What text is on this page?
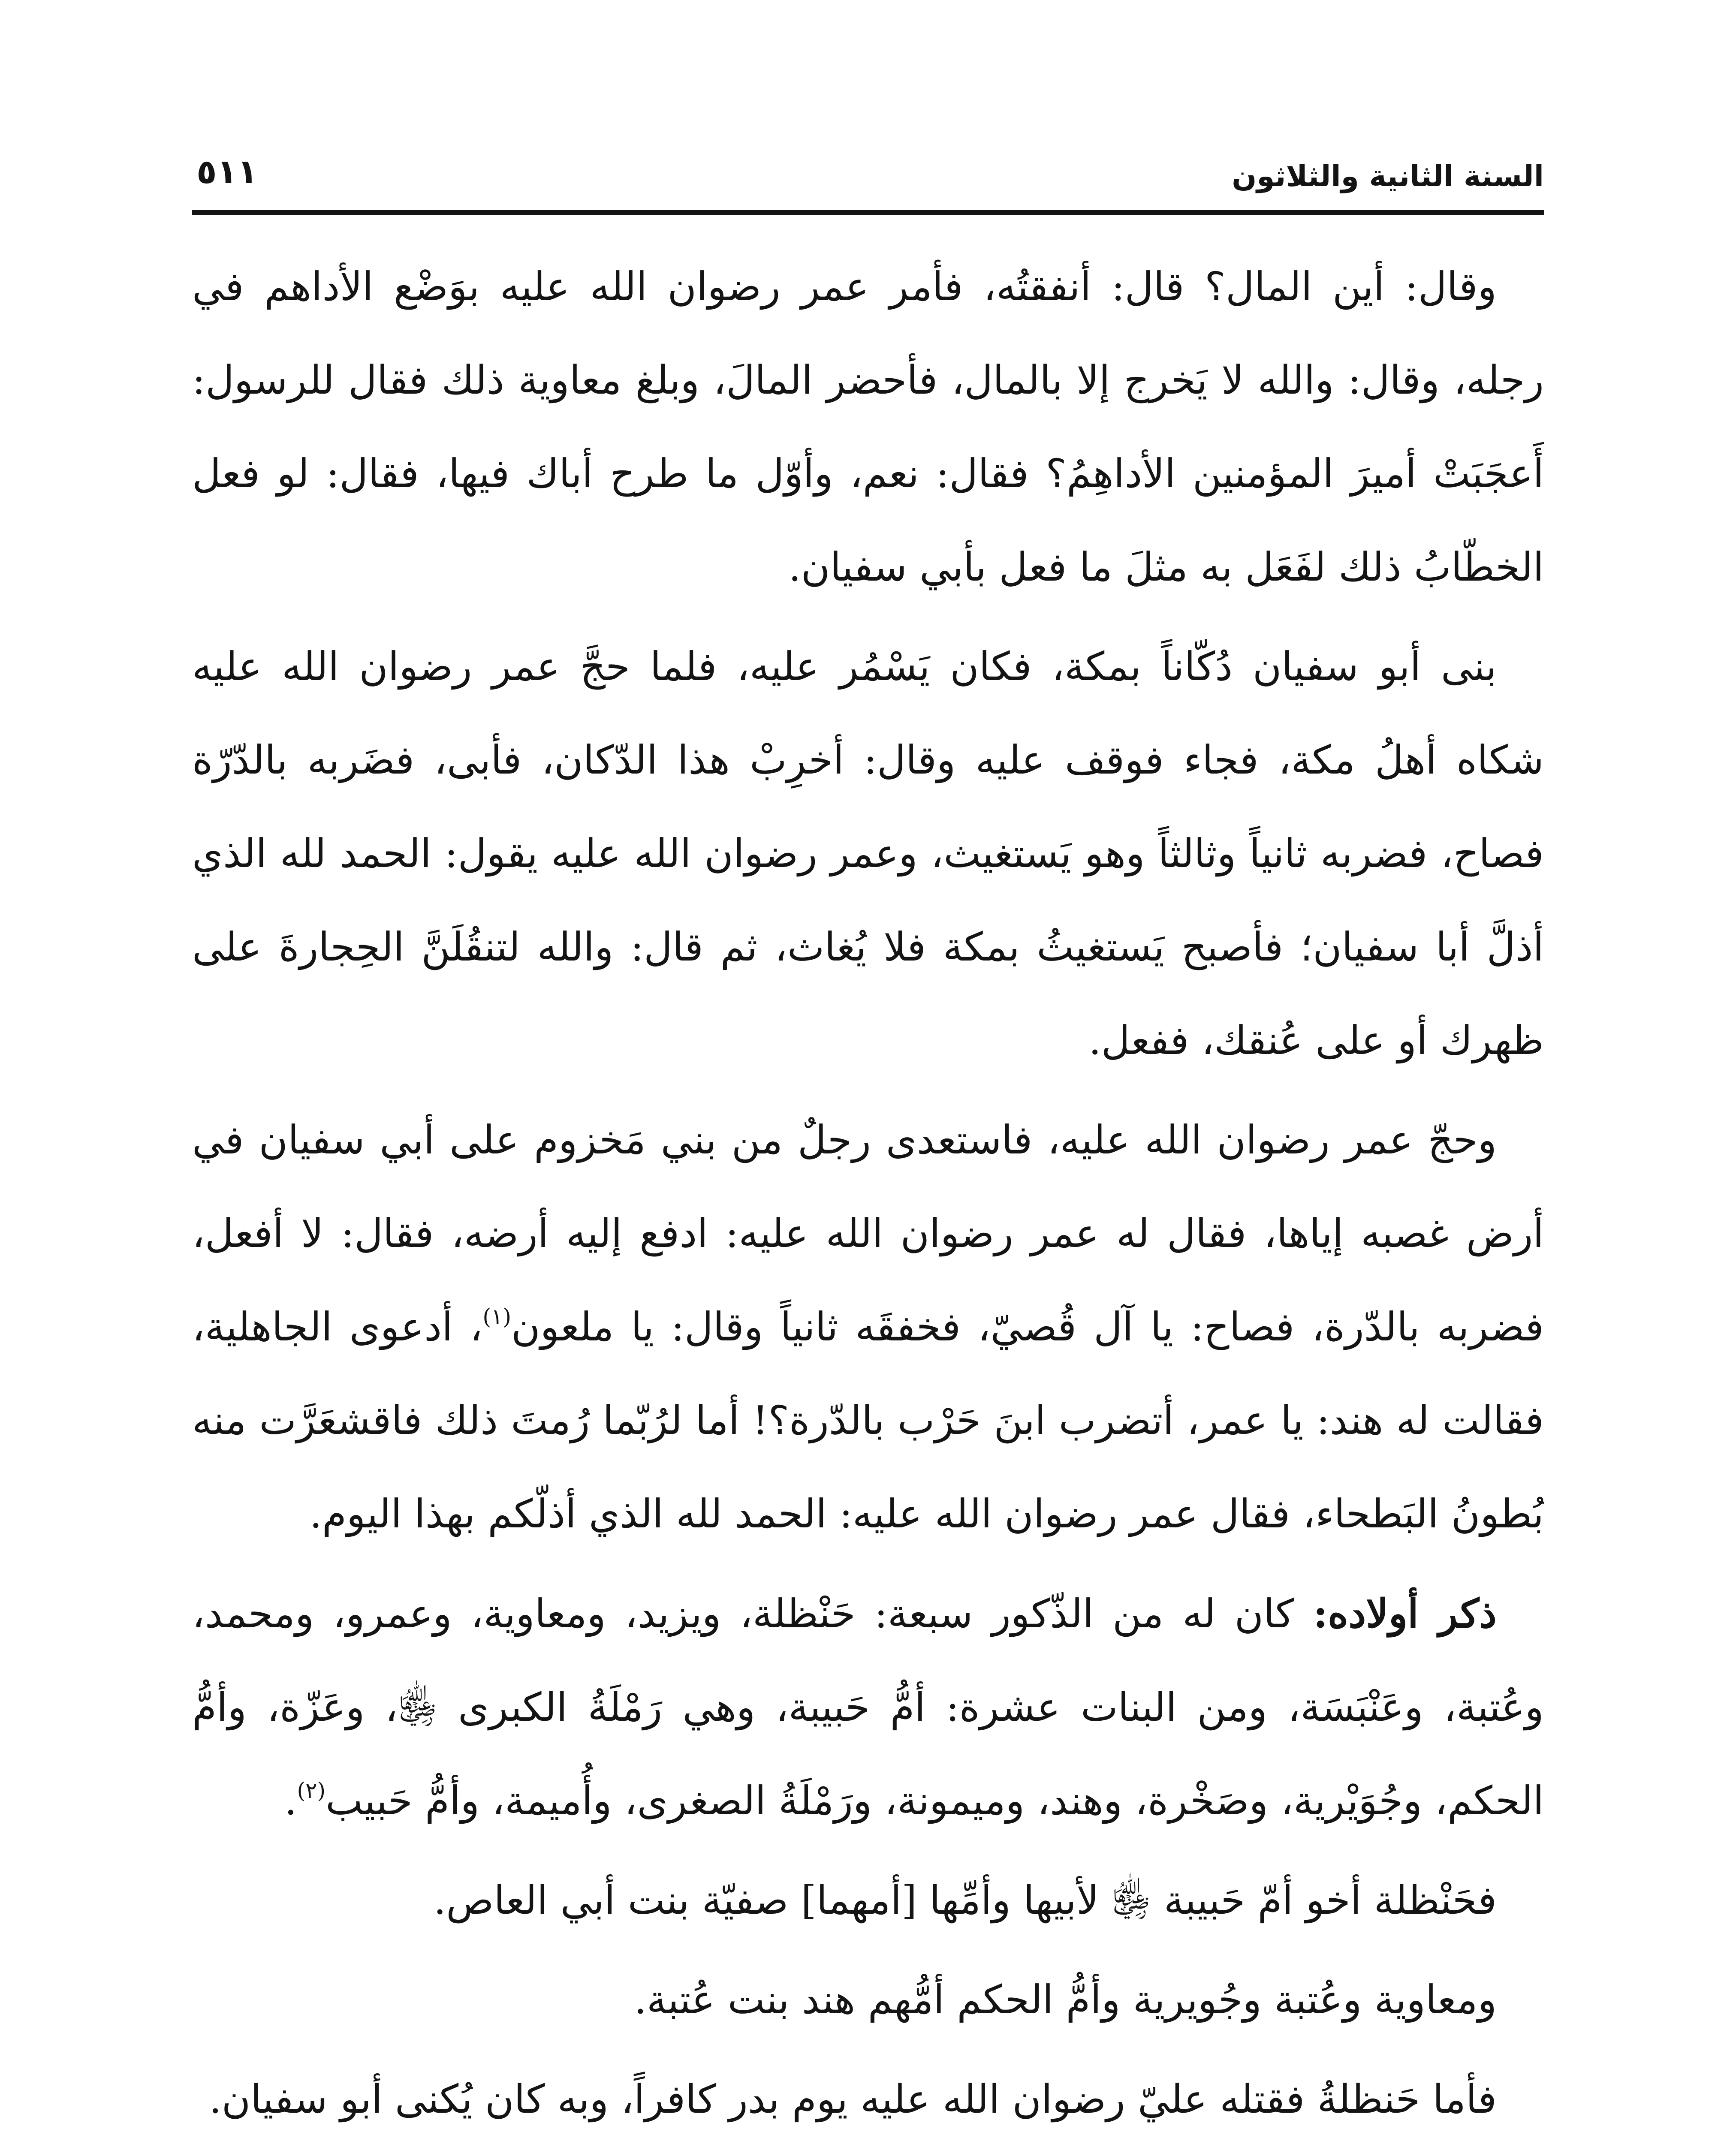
السنة الثانية والثلاثون
٥١١

وقال: أين المال؟ قال: أنفقتُه، فأمر عمر رضوان الله عليه بوَضْع الأداهم في رجله، وقال: والله لا يَخرج إلا بالمال، فأحضر المالَ، وبلغ معاوية ذلك فقال للرسول: أَعجَبَتْ أميرَ المؤمنين الأداهِمُ؟ فقال: نعم، وأوّل ما طرح أباك فيها، فقال: لو فعل الخطّابُ ذلك لفَعَل به مثلَ ما فعل بأبي سفيان.

بنى أبو سفيان دُكّاناً بمكة، فكان يَسْمُر عليه، فلما حجَّ عمر رضوان الله عليه شكاه أهلُ مكة، فجاء فوقف عليه وقال: أخرِبْ هذا الدّكان، فأبى، فضَربه بالدّرّة فصاح، فضربه ثانياً وثالثاً وهو يَستغيث، وعمر رضوان الله عليه يقول: الحمد لله الذي أذلَّ أبا سفيان؛ فأصبح يَستغيثُ بمكة فلا يُغاث، ثم قال: والله لتنقُلَنَّ الحِجارةَ على ظهرك أو على عُنقك، ففعل.

وحجّ عمر رضوان الله عليه، فاستعدى رجلٌ من بني مَخزوم على أبي سفيان في أرض غصبه إياها، فقال له عمر رضوان الله عليه: ادفع إليه أرضه، فقال: لا أفعل، فضربه بالدّرة، فصاح: يا آل قُصيّ، فخفقَه ثانياً وقال: يا ملعون$^{(١)}$، أدعوى الجاهلية، فقالت له هند: يا عمر، أتضرب ابنَ حَرْب بالدّرة؟! أما لرُبّما رُمتَ ذلك فاقشعَرَّت منه بُطونُ البَطحاء، فقال عمر رضوان الله عليه: الحمد لله الذي أذلّكم بهذا اليوم.

ذكر أولاده: كان له من الذّكور سبعة: حَنْظلة، ويزيد، ومعاوية، وعمرو، ومحمد، وعُتبة، وعَنْبَسَة، ومن البنات عشرة: أمُّ حَبيبة، وهي رَمْلَةُ الكبرى ﵂، وعَزّة، وأمُّ الحكم، وجُوَيْرية، وصَخْرة، وهند، وميمونة، ورَمْلَةُ الصغرى، وأُميمة، وأمُّ حَبيب$^{(٢)}$.

فحَنْظلة أخو أمّ حَبيبة ﵂ لأبيها وأمِّها [أمهما] صفيّة بنت أبي العاص.

ومعاوية وعُتبة وجُويرية وأمُّ الحكم أمُّهم هند بنت عُتبة.

فأما حَنظلةُ فقتله عليّ رضوان الله عليه يوم بدر كافراً، وبه كان يُكنى أبو سفيان.
